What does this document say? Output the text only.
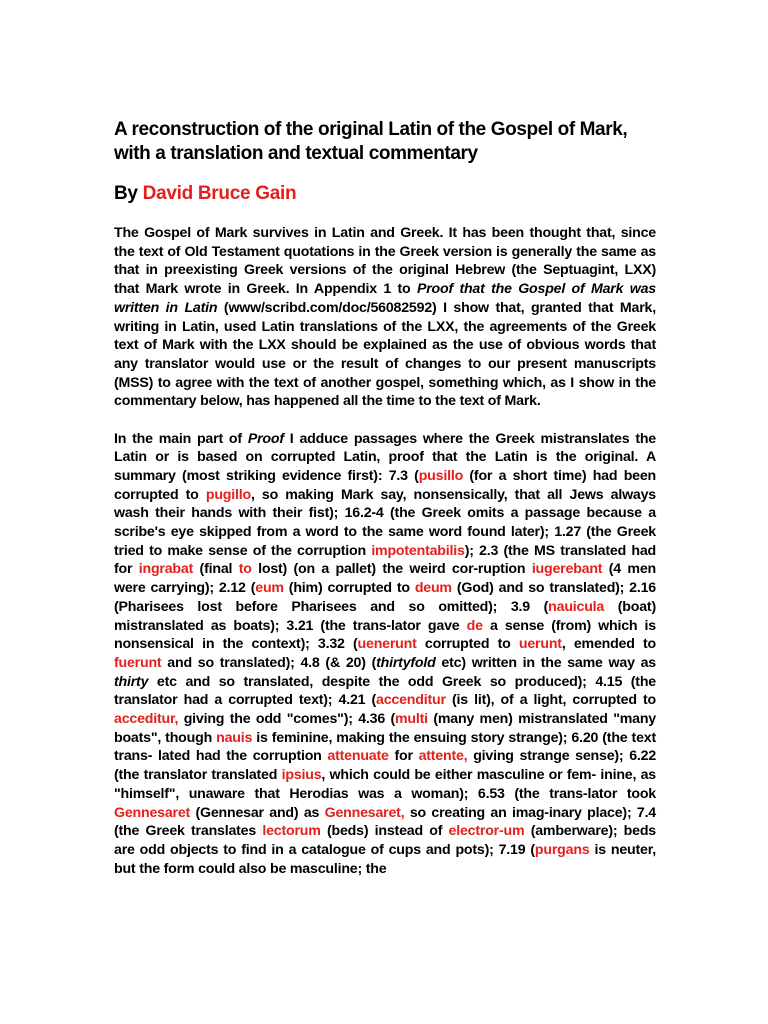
A reconstruction of the original Latin of the Gospel of Mark, with a translation and textual commentary
By David Bruce Gain

The Gospel of Mark survives in Latin and Greek. It has been thought that, since the text of Old Testament quotations in the Greek version is generally the same as that in preexisting Greek versions of the original Hebrew (the Septuagint, LXX) that Mark wrote in Greek. In Appendix 1 to Proof that the Gospel of Mark was written in Latin (www/scribd.com/doc/56082592) I show that, granted that Mark, writing in Latin, used Latin translations of the LXX, the agreements of the Greek text of Mark with the LXX should be explained as the use of obvious words that any translator would use or the result of changes to our present manuscripts (MSS) to agree with the text of another gospel, something which, as I show in the commentary below, has happened all the time to the text of Mark.

In the main part of Proof I adduce passages where the Greek mistranslates the Latin or is based on corrupted Latin, proof that the Latin is the original. A summary (most striking evidence first): 7.3 (pusillo (for a short time) had been corrupted to pugillo, so making Mark say, nonsensically, that all Jews always wash their hands with their fist); 16.2-4 (the Greek omits a passage because a scribe's eye skipped from a word to the same word found later); 1.27 (the Greek tried to make sense of the corruption impotentabilis); 2.3 (the MS translated had for ingrabat (final to lost) (on a pallet) the weird cor-ruption iugerebant (4 men were carrying); 2.12 (eum (him) corrupted to deum (God) and so translated); 2.16 (Pharisees lost before Pharisees and so omitted); 3.9 (nauicula (boat) mistranslated as boats); 3.21 (the trans-lator gave de a sense (from) which is nonsensical in the context); 3.32 (uenerunt corrupted to uerunt, emended to fuerunt and so translated); 4.8 (& 20) (thirtyfold etc) written in the same way as thirty etc and so translated, despite the odd Greek so produced); 4.15 (the translator had a corrupted text); 4.21 (accenditur (is lit), of a light, corrupted to acceditur, giving the odd "comes"); 4.36 (multi (many men) mistranslated "many boats", though nauis is feminine, making the ensuing story strange); 6.20 (the text trans- lated had the corruption attenuate for attente, giving strange sense); 6.22 (the translator translated ipsius, which could be either masculine or fem- inine, as "himself", unaware that Herodias was a woman); 6.53 (the trans-lator took Gennesaret (Gennesar and) as Gennesaret, so creating an imag-inary place); 7.4 (the Greek translates lectorum (beds) instead of electror-um (amberware); beds are odd objects to find in a catalogue of cups and pots); 7.19 (purgans is neuter, but the form could also be masculine; the
